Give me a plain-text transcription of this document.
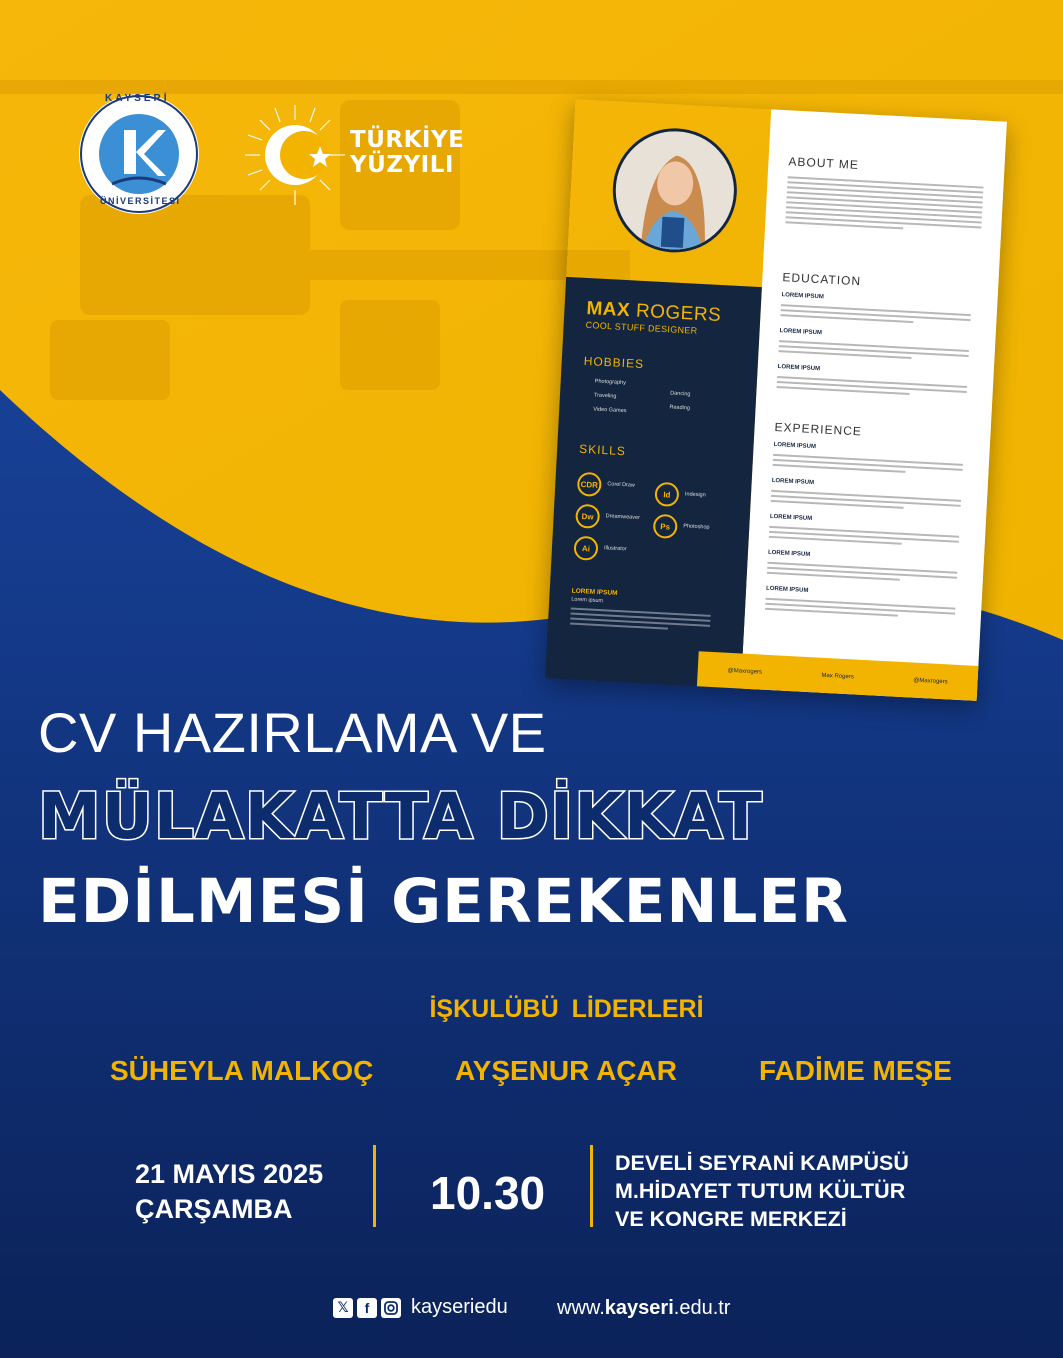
KAYSERİ
ÜNİVERSİTESİ
TÜRKİYE
YÜZYILI
MAX ROGERS
COOL STUFF DESIGNER
HOBBIES
Photography
Dancing
Traveling
Reading
Video Games
SKILLS
CDR	Corel Draw
Id	Indesign
Dw	Dreamweaver
Ps	Photoshop
Ai	Illustrator
LOREM IPSUM
Lorem ipsum
ABOUT ME
EDUCATION
LOREM IPSUM
LOREM IPSUM
LOREM IPSUM
EXPERIENCE
LOREM IPSUM
LOREM IPSUM
LOREM IPSUM
LOREM IPSUM
LOREM IPSUM
@Maxrogers
Max Rogers
@Maxrogers
CV HAZIRLAMA VE
MÜLAKATTA DİKKAT
EDİLMESİ GEREKENLER
İŞKULÜBÜ LİDERLERİ
SÜHEYLA MALKOÇ	AYŞENUR AÇAR	FADİME MEŞE
21 MAYIS 2025
ÇARŞAMBA	10.30
DEVELİ SEYRANİ KAMPÜSÜ
M.HİDAYET TUTUM KÜLTÜR
VE KONGRE MERKEZİ
𝕏	f	kayseriedu www.kayseri.edu.tr
